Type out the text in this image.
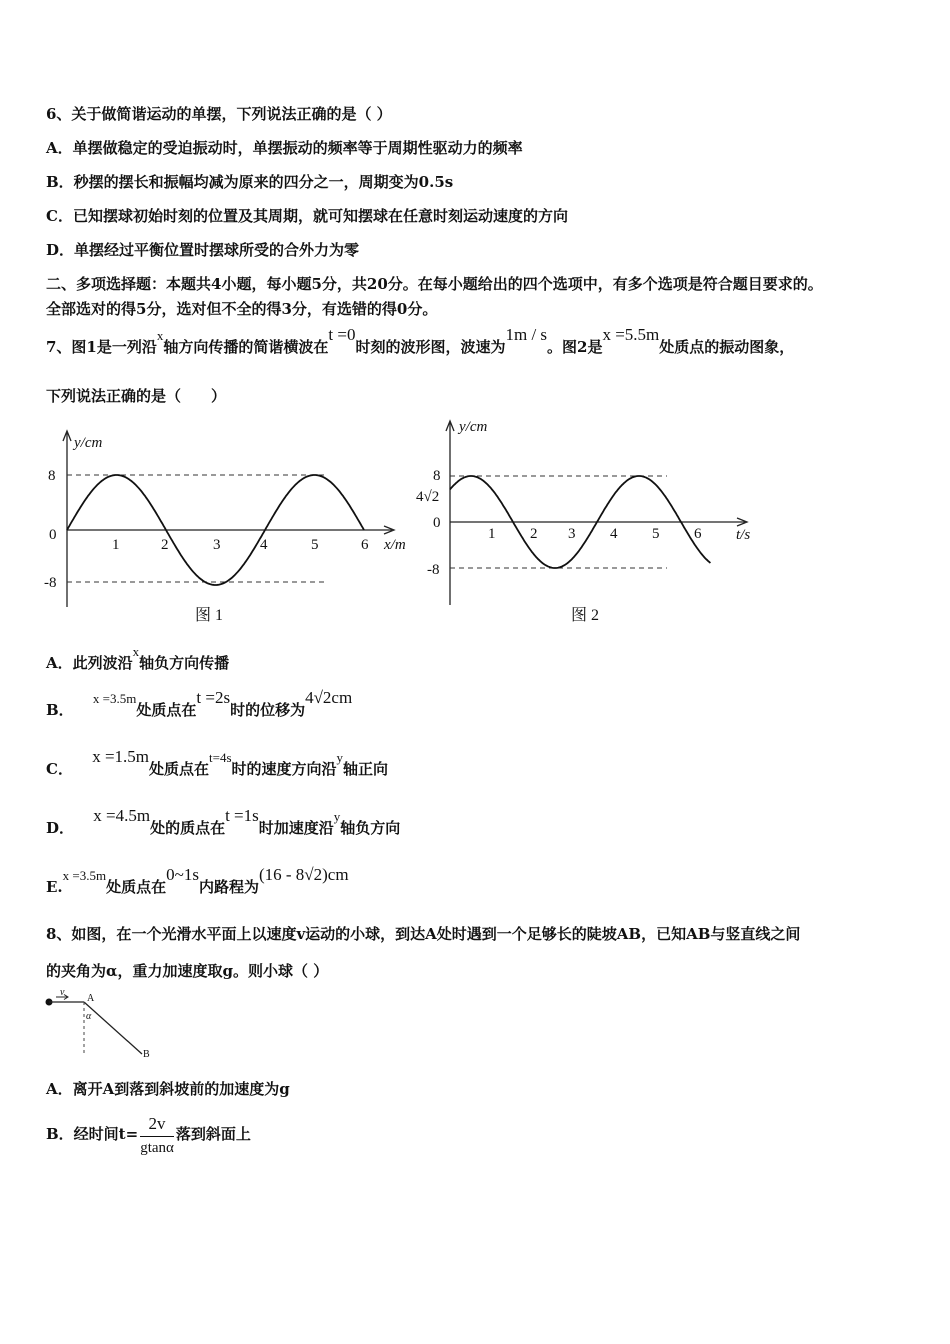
6、关于做简谐运动的单摆，下列说法正确的是（ ）
A．单摆做稳定的受迫振动时，单摆振动的频率等于周期性驱动力的频率
B．秒摆的摆长和振幅均减为原来的四分之一，周期变为0.5s
C．已知摆球初始时刻的位置及其周期，就可知摆球在任意时刻运动速度的方向
D．单摆经过平衡位置时摆球所受的合外力为零
二、多项选择题：本题共4小题，每小题5分，共20分。在每小题给出的四个选项中，有多个选项是符合题目要求的。
全部选对的得5分，选对但不全的得3分，有选错的得0分。
7、图1是一列沿x轴方向传播的简谐横波在t =0时刻的波形图，波速为1m / s。图2是x =5.5m处质点的振动图象，
下列说法正确的是（　　）
y/cm
x/m
8
0
-8
1	2	3	4	5	6
图 1
y/cm
t/s
8
4√2
0
-8
1 2 3 4 5 6
图 2
A．此列波沿x轴负方向传播
B． x =3.5m处质点在t =2s时的位移为4√2cm
C． x =1.5m处质点在t=4s时的速度方向沿y轴正向
D． x =4.5m处的质点在t =1s时加速度沿y轴负方向
E.x =3.5m处质点在0~1s内路程为(16 - 8√2)cm
8、如图，在一个光滑水平面上以速度v运动的小球，到达A处时遇到一个足够长的陡坡AB，已知AB与竖直线之间
的夹角为α，重力加速度取g。则小球（ ）
v
A
B
α
A．离开A到落到斜坡前的加速度为g
B．经时间$t= \frac{2v}{gtan\alpha}$ 落到斜面上
